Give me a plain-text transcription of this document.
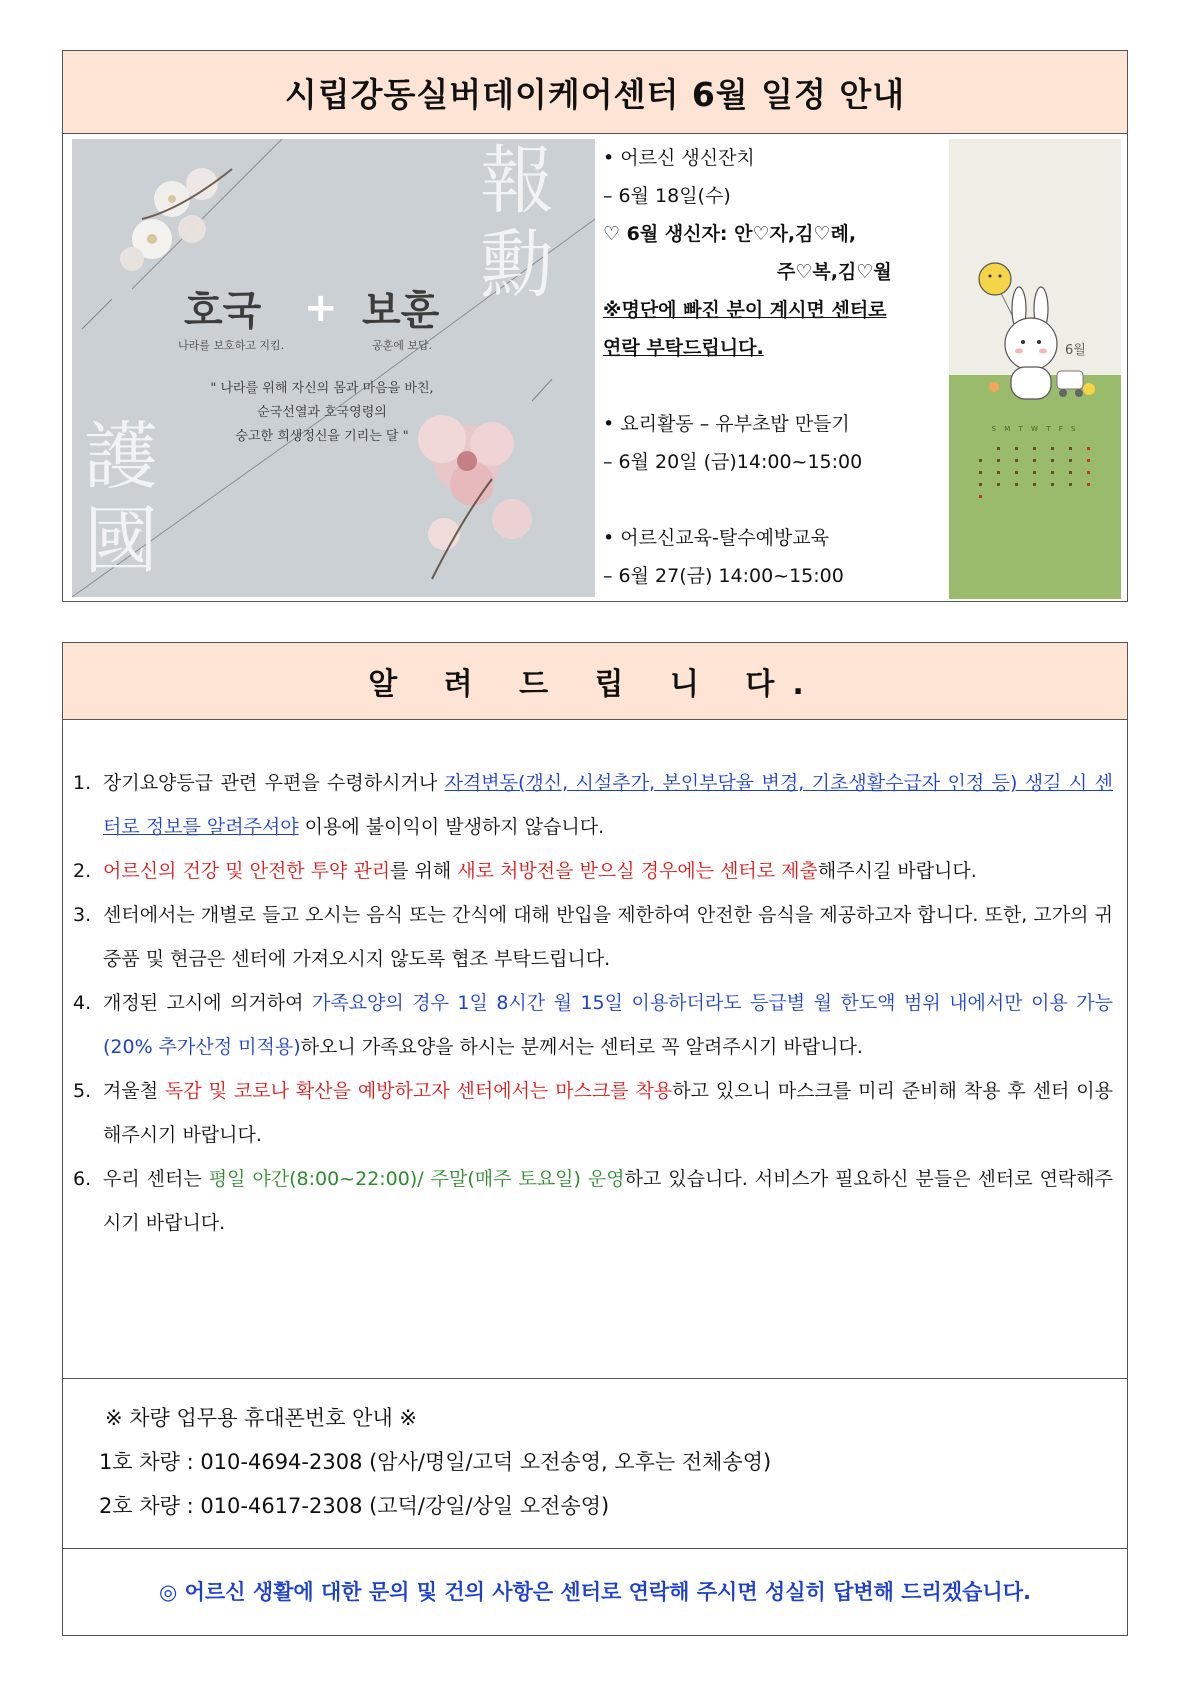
시립강동실버데이케어센터 6월 일정 안내
報勳
護國
호국 + 보훈
나라를 보호하고 지킴.	공훈에 보답.
" 나라를 위해 자신의 몸과 마음을 바친,
순국선열과 호국영령의
숭고한 희생정신을 기리는 달 "
• 어르신 생신잔치
– 6월 18일(수)
♡ 6월 생신자: 안♡자,김♡례,
주♡복,김♡월
※명단에 빠진 분이 계시면 센터로
연락 부탁드립니다.
• 요리활동 – 유부초밥 만들기
– 6월 20일 (금)14:00~15:00
• 어르신교육-탈수예방교육
– 6월 27(금) 14:00~15:00
6월
S M T W T F S
알 려 드 립 니 다.
1. 장기요양등급 관련 우편을 수령하시거나 자격변동(갱신, 시설추가, 본인부담율 변경, 기초생활수급자 인정 등) 생길 시 센터로 정보를 알려주셔야 이용에 불이익이 발생하지 않습니다.
2. 어르신의 건강 및 안전한 투약 관리를 위해 새로 처방전을 받으실 경우에는 센터로 제출해주시길 바랍니다.
3. 센터에서는 개별로 들고 오시는 음식 또는 간식에 대해 반입을 제한하여 안전한 음식을 제공하고자 합니다. 또한, 고가의 귀중품 및 현금은 센터에 가져오시지 않도록 협조 부탁드립니다.
4. 개정된 고시에 의거하여 가족요양의 경우 1일 8시간 월 15일 이용하더라도 등급별 월 한도액 범위 내에서만 이용 가능(20% 추가산정 미적용)하오니 가족요양을 하시는 분께서는 센터로 꼭 알려주시기 바랍니다.
5. 겨울철 독감 및 코로나 확산을 예방하고자 센터에서는 마스크를 착용하고 있으니 마스크를 미리 준비해 착용 후 센터 이용해주시기 바랍니다.
6. 우리 센터는 평일 야간(8:00~22:00)/ 주말(매주 토요일) 운영하고 있습니다. 서비스가 필요하신 분들은 센터로 연락해주시기 바랍니다.
※ 차량 업무용 휴대폰번호 안내 ※
1호 차량 : 010-4694-2308 (암사/명일/고덕 오전송영, 오후는 전체송영)
2호 차량 : 010-4617-2308 (고덕/강일/상일 오전송영)
◎ 어르신 생활에 대한 문의 및 건의 사항은 센터로 연락해 주시면 성실히 답변해 드리겠습니다.
